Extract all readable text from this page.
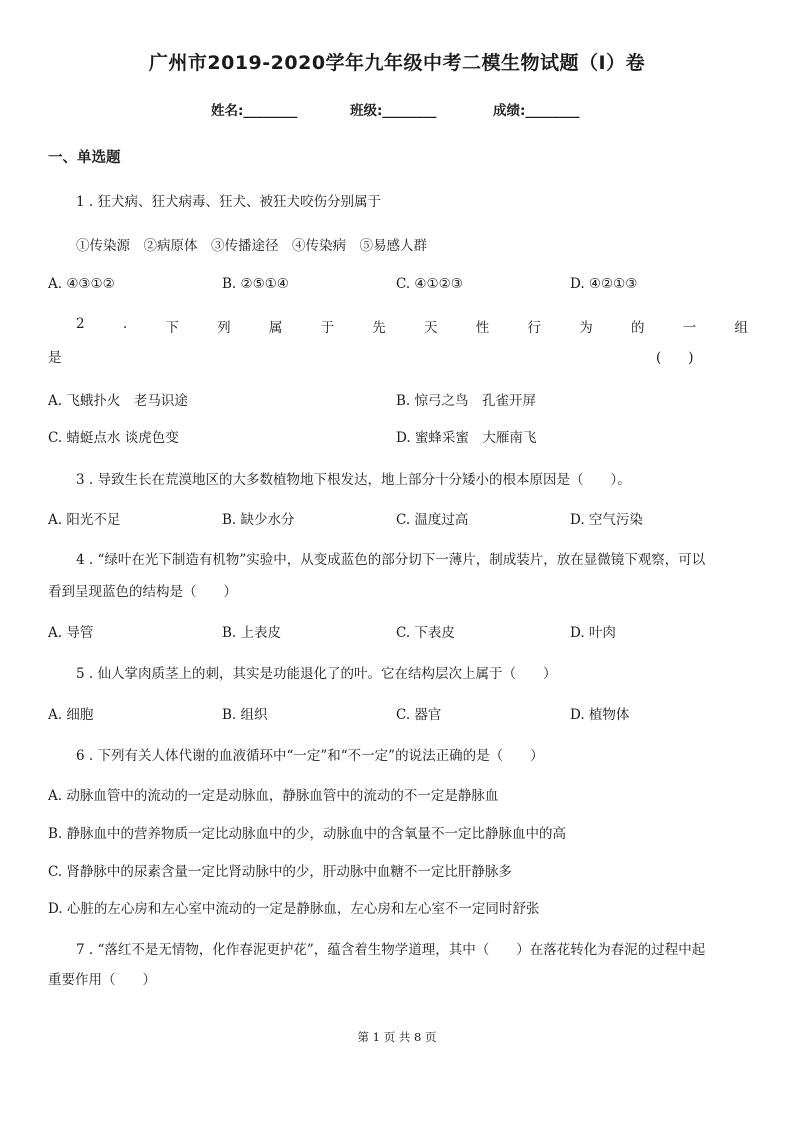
广州市2019-2020学年九年级中考二模生物试题（I）卷
姓名:________	班级:________	成绩:________
一、单选题
1 . 狂犬病、狂犬病毒、狂犬、被狂犬咬伤分别属于
①传染源　②病原体　③传播途径　④传染病　⑤易感人群
A. ④③①②	B. ②⑤①④	C. ④①②③	D. ④②①③
2	.	下	列	属	于	先	天	性	行	为	的	一	组
是	(　　)
A. 飞蛾扑火　老马识途	B. 惊弓之鸟　孔雀开屏
C. 蜻蜓点水 谈虎色变	D. 蜜蜂采蜜　大雁南飞
3 . 导致生长在荒漠地区的大多数植物地下根发达，地上部分十分矮小的根本原因是（　　）。
A. 阳光不足	B. 缺少水分	C. 温度过高	D. 空气污染
4 . “绿叶在光下制造有机物”实验中，从变成蓝色的部分切下一薄片，制成装片，放在显微镜下观察，可以
看到呈现蓝色的结构是（　　）
A. 导管	B. 上表皮	C. 下表皮	D. 叶肉
5 . 仙人掌肉质茎上的刺，其实是功能退化了的叶。它在结构层次上属于（　　）
A. 细胞	B. 组织	C. 器官	D. 植物体
6 . 下列有关人体代谢的血液循环中“一定”和“不一定”的说法正确的是（　　）
A. 动脉血管中的流动的一定是动脉血，静脉血管中的流动的不一定是静脉血
B. 静脉血中的营养物质一定比动脉血中的少，动脉血中的含氧量不一定比静脉血中的高
C. 肾静脉中的尿素含量一定比肾动脉中的少，肝动脉中血糖不一定比肝静脉多
D. 心脏的左心房和左心室中流动的一定是静脉血，左心房和左心室不一定同时舒张
7 . “落红不是无情物，化作春泥更护花”，蕴含着生物学道理，其中（　　）在落花转化为春泥的过程中起
重要作用（　　）
第 1 页 共 8 页
